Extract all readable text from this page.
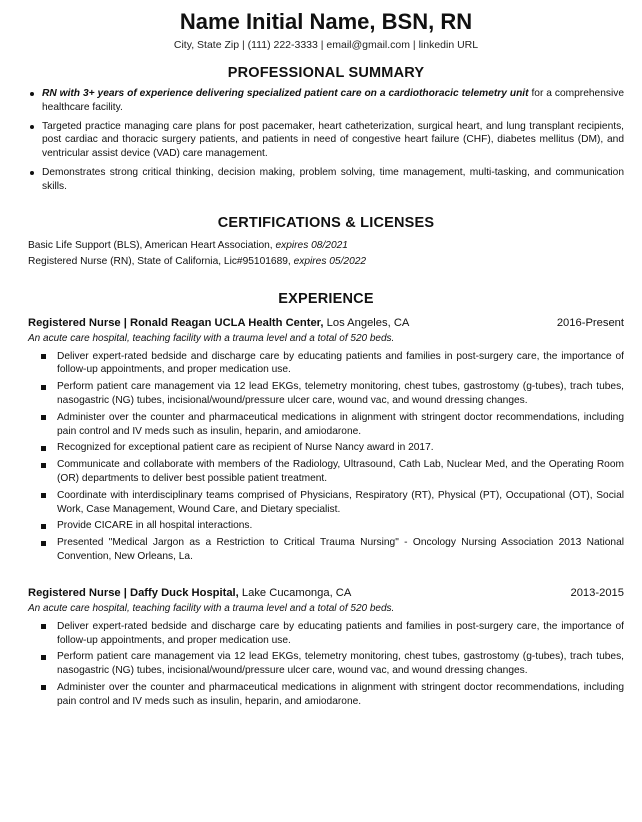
Name Initial Name, BSN, RN
City, State Zip | (111) 222-3333 | email@gmail.com | linkedin URL
PROFESSIONAL SUMMARY
RN with 3+ years of experience delivering specialized patient care on a cardiothoracic telemetry unit for a comprehensive healthcare facility.
Targeted practice managing care plans for post pacemaker, heart catheterization, surgical heart, and lung transplant recipients, post cardiac and thoracic surgery patients, and patients in need of congestive heart failure (CHF), diabetes mellitus (DM), and ventricular assist device (VAD) care management.
Demonstrates strong critical thinking, decision making, problem solving, time management, multi-tasking, and communication skills.
CERTIFICATIONS & LICENSES
Basic Life Support (BLS), American Heart Association, expires 08/2021
Registered Nurse (RN), State of California, Lic#95101689, expires 05/2022
EXPERIENCE
Registered Nurse | Ronald Reagan UCLA Health Center, Los Angeles, CA	2016-Present
An acute care hospital, teaching facility with a trauma level and a total of 520 beds.
Deliver expert-rated bedside and discharge care by educating patients and families in post-surgery care, the importance of follow-up appointments, and proper medication use.
Perform patient care management via 12 lead EKGs, telemetry monitoring, chest tubes, gastrostomy (g-tubes), trach tubes, nasogastric (NG) tubes, incisional/wound/pressure ulcer care, wound vac, and wound dressing changes.
Administer over the counter and pharmaceutical medications in alignment with stringent doctor recommendations, including pain control and IV meds such as insulin, heparin, and amiodarone.
Recognized for exceptional patient care as recipient of Nurse Nancy award in 2017.
Communicate and collaborate with members of the Radiology, Ultrasound, Cath Lab, Nuclear Med, and the Operating Room (OR) departments to deliver best possible patient treatment.
Coordinate with interdisciplinary teams comprised of Physicians, Respiratory (RT), Physical (PT), Occupational (OT), Social Work, Case Management, Wound Care, and Dietary specialist.
Provide CICARE in all hospital interactions.
Presented "Medical Jargon as a Restriction to Critical Trauma Nursing" - Oncology Nursing Association 2013 National Convention, New Orleans, La.
Registered Nurse | Daffy Duck Hospital, Lake Cucamonga, CA	2013-2015
An acute care hospital, teaching facility with a trauma level and a total of 520 beds.
Deliver expert-rated bedside and discharge care by educating patients and families in post-surgery care, the importance of follow-up appointments, and proper medication use.
Perform patient care management via 12 lead EKGs, telemetry monitoring, chest tubes, gastrostomy (g-tubes), trach tubes, nasogastric (NG) tubes, incisional/wound/pressure ulcer care, wound vac, and wound dressing changes.
Administer over the counter and pharmaceutical medications in alignment with stringent doctor recommendations, including pain control and IV meds such as insulin, heparin, and amiodarone.
